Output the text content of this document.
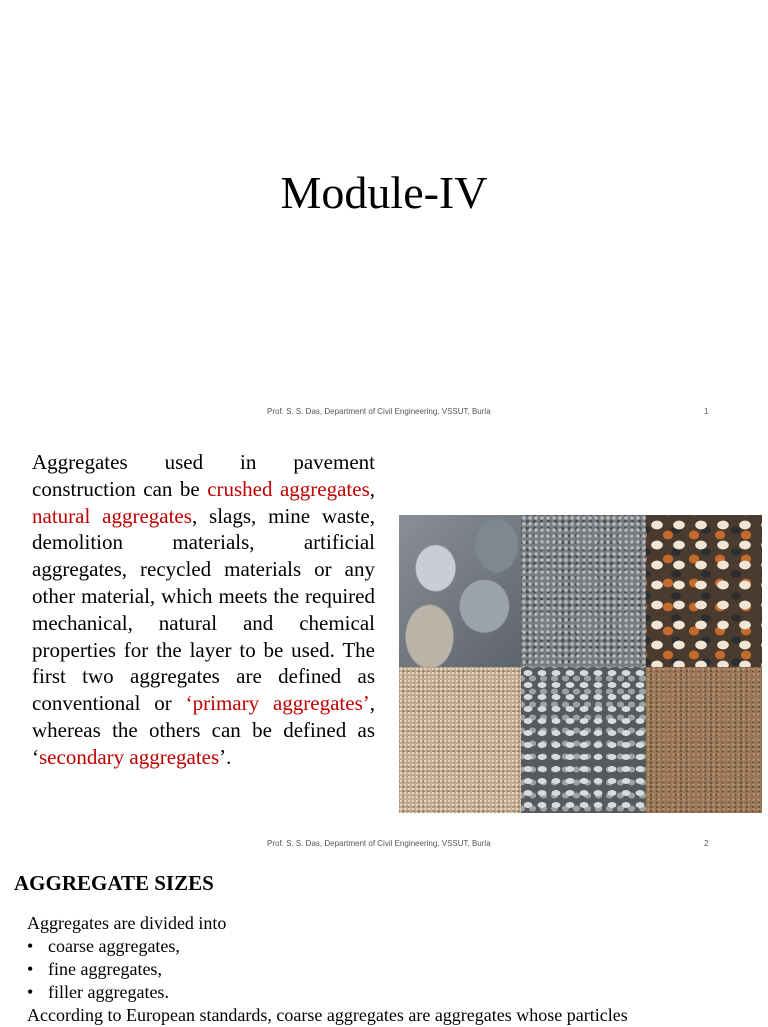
Module-IV
Prof. S. S. Das, Department of Civil Engineering, VSSUT, Burla	1

Aggregates used in pavement construction can be crushed aggregates, natural aggregates, slags, mine waste, demolition materials, artificial aggregates, recycled materials or any other material, which meets the required mechanical, natural and chemical properties for the layer to be used. The first two aggregates are defined as conventional or ‘primary aggregates’, whereas the others can be defined as ‘secondary aggregates’.

Prof. S. S. Das, Department of Civil Engineering, VSSUT, Burla	2
AGGREGATE SIZES
Aggregates are divided into
• coarse aggregates,
• fine aggregates,
• filler aggregates.
According to European standards, coarse aggregates are aggregates whose particles
